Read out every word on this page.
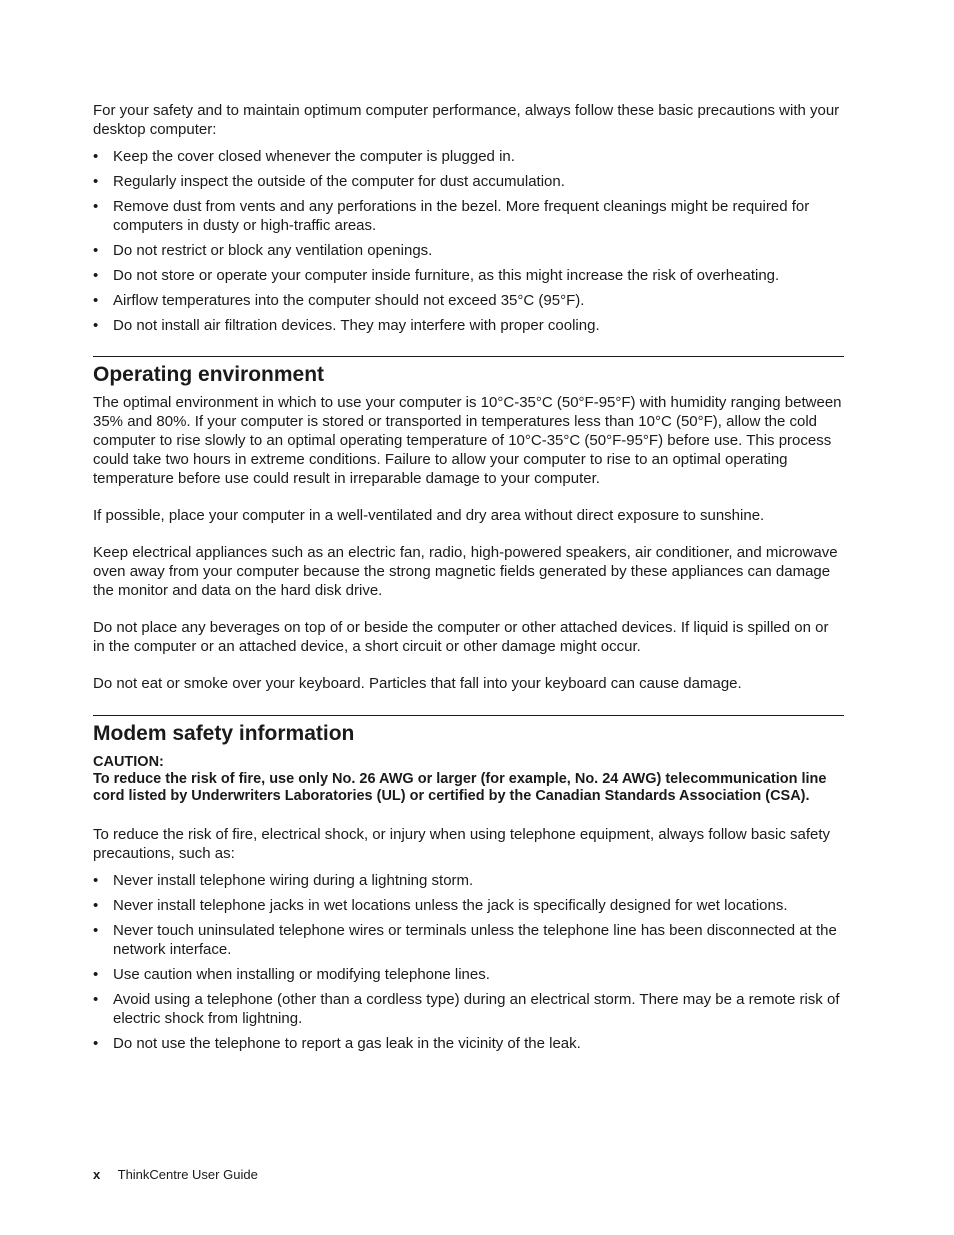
For your safety and to maintain optimum computer performance, always follow these basic precautions with your desktop computer:

• Keep the cover closed whenever the computer is plugged in.
• Regularly inspect the outside of the computer for dust accumulation.
• Remove dust from vents and any perforations in the bezel. More frequent cleanings might be required for computers in dusty or high-traffic areas.
• Do not restrict or block any ventilation openings.
• Do not store or operate your computer inside furniture, as this might increase the risk of overheating.
• Airflow temperatures into the computer should not exceed 35°C (95°F).
• Do not install air filtration devices. They may interfere with proper cooling.
Operating environment

The optimal environment in which to use your computer is 10°C-35°C (50°F-95°F) with humidity ranging between 35% and 80%. If your computer is stored or transported in temperatures less than 10°C (50°F), allow the cold computer to rise slowly to an optimal operating temperature of 10°C-35°C (50°F-95°F) before use. This process could take two hours in extreme conditions. Failure to allow your computer to rise to an optimal operating temperature before use could result in irreparable damage to your computer.

If possible, place your computer in a well-ventilated and dry area without direct exposure to sunshine.

Keep electrical appliances such as an electric fan, radio, high-powered speakers, air conditioner, and microwave oven away from your computer because the strong magnetic fields generated by these appliances can damage the monitor and data on the hard disk drive.

Do not place any beverages on top of or beside the computer or other attached devices. If liquid is spilled on or in the computer or an attached device, a short circuit or other damage might occur.

Do not eat or smoke over your keyboard. Particles that fall into your keyboard can cause damage.

Modem safety information

CAUTION:

To reduce the risk of fire, use only No. 26 AWG or larger (for example, No. 24 AWG) telecommunication line cord listed by Underwriters Laboratories (UL) or certified by the Canadian Standards Association (CSA).

To reduce the risk of fire, electrical shock, or injury when using telephone equipment, always follow basic safety precautions, such as:

• Never install telephone wiring during a lightning storm.
• Never install telephone jacks in wet locations unless the jack is specifically designed for wet locations.
• Never touch uninsulated telephone wires or terminals unless the telephone line has been disconnected at the network interface.
• Use caution when installing or modifying telephone lines.
• Avoid using a telephone (other than a cordless type) during an electrical storm. There may be a remote risk of electric shock from lightning.
• Do not use the telephone to report a gas leak in the vicinity of the leak.
x ThinkCentre User Guide
